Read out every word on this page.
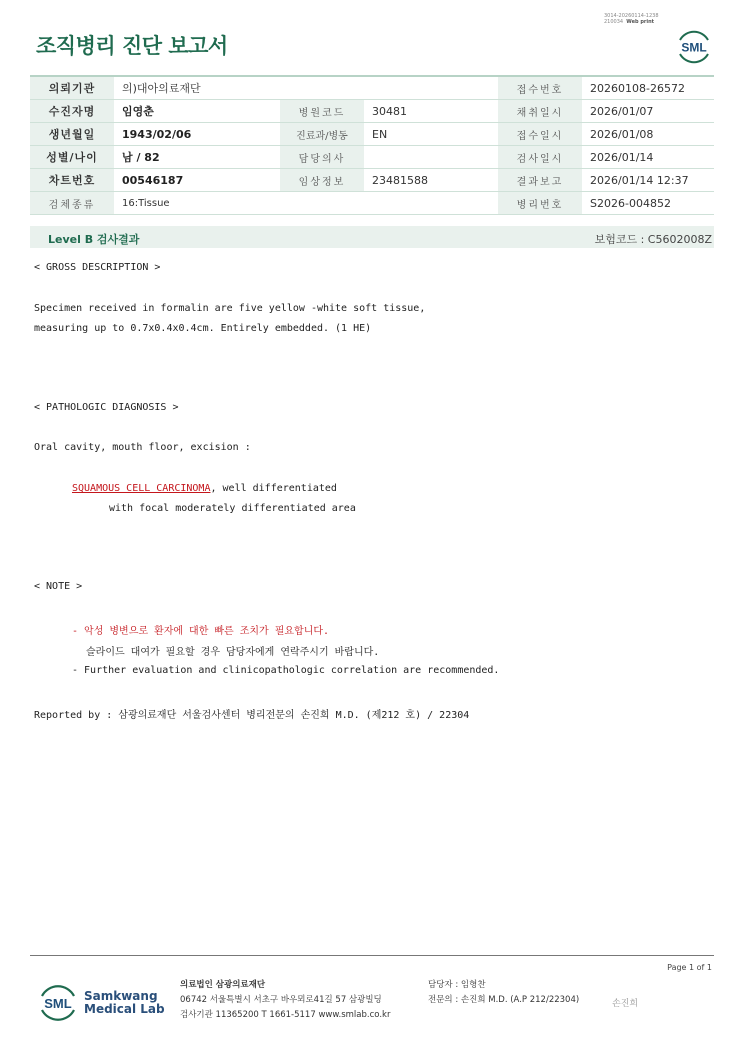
3014-20260114-1238
210034 Web print
조직병리 진단 보고서	SML
의뢰기관	의)대아의료재단			접수번호	20260108-26572
수진자명	임영춘	병원코드	30481	채취일시	2026/01/07
생년월일	1943/02/06	진료과/병동	EN	접수일시	2026/01/08
성별/나이	남 / 82	담당의사		검사일시	2026/01/14
차트번호	00546187	임상정보	23481588	결과보고	2026/01/14 12:37
검체종류	16:Tissue			병리번호	S2026-004852
Level B 검사결과	보험코드 : C5602008Z
< GROSS DESCRIPTION >
Specimen received in formalin are five yellow -white soft tissue,
measuring up to 0.7x0.4x0.4cm. Entirely embedded. (1 HE)
< PATHOLOGIC DIAGNOSIS >
Oral cavity, mouth floor, excision :
SQUAMOUS CELL CARCINOMA, well differentiated
with focal moderately differentiated area
< NOTE >
- 악성 병변으로 환자에 대한 빠른 조치가 필요합니다.
슬라이드 대여가 필요할 경우 담당자에게 연락주시기 바랍니다.
- Further evaluation and clinicopathologic correlation are recommended.
Reported by : 삼광의료재단 서울검사센터 병리전문의 손진희 M.D. (제212 호) / 22304
Page 1 of 1
SML Samkwang
Medical Lab
의료법인 삼광의료재단
06742 서울특별시 서초구 바우뫼로41길 57 삼광빌딩
검사기관 11365200 T 1661-5117 www.smlab.co.kr
담당자 : 임형찬
전문의 : 손진희 M.D. (A.P 212/22304)	손진희
